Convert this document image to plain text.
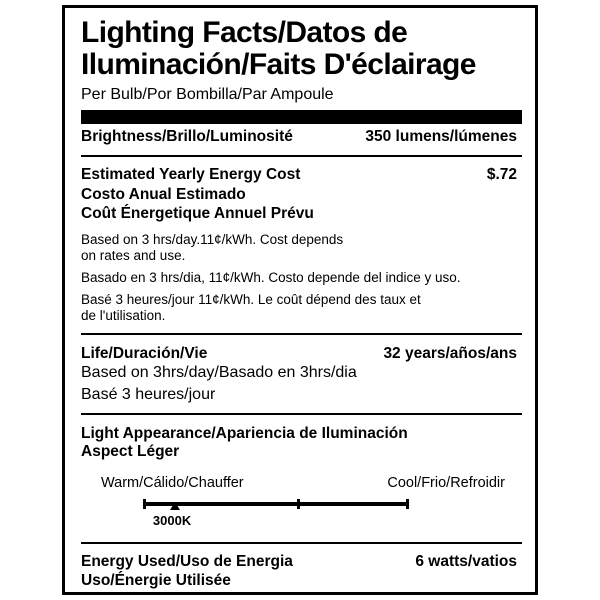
Lighting Facts/Datos de
Iluminación/Faits D'éclairage
Per Bulb/Por Bombilla/Par Ampoule
Brightness/Brillo/Luminosité	350 lumens/lúmenes
Estimated Yearly Energy Cost	$.72
Costo Anual Estimado
Coût Énergetique Annuel Prévu
Based on 3 hrs/day.11¢/kWh. Cost depends
on rates and use.
Basado en 3 hrs/dia, 11¢/kWh. Costo depende del indice y uso.
Basé 3 heures/jour 11¢/kWh. Le coût dépend des taux et
de l'utilisation.
Life/Duración/Vie	32 years/años/ans
Based on 3hrs/day/Basado en 3hrs/dia
Basé 3 heures/jour
Light Appearance/Apariencia de Iluminación
Aspect Léger
Warm/Cálido/Chauffer	Cool/Frio/Refroidir
3000K
Energy Used/Uso de Energia	6 watts/vatios
Uso/Énergie Utilisée
